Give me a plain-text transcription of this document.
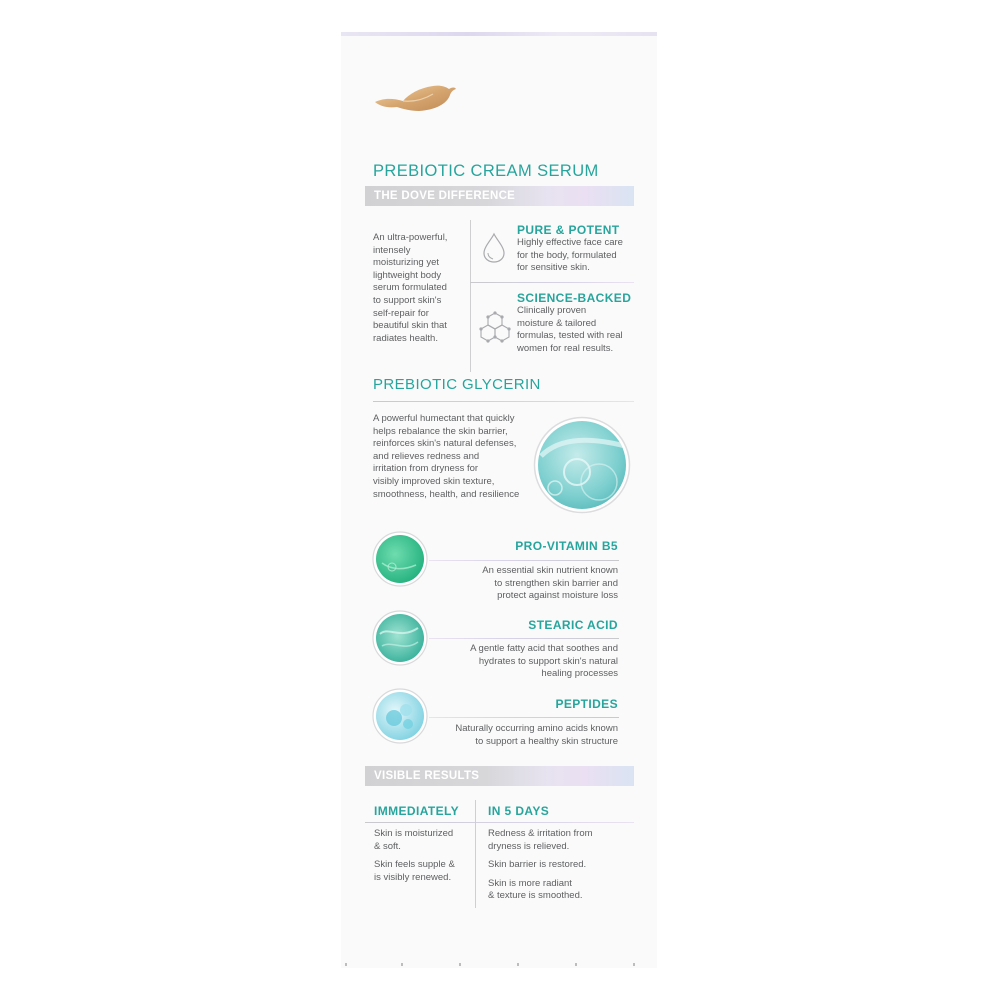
PREBIOTIC CREAM SERUM
THE DOVE DIFFERENCE
An ultra-powerful,
intensely
moisturizing yet
lightweight body
serum formulated
to support skin's
self-repair for
beautiful skin that
radiates health.
PURE & POTENT
Highly effective face care
for the body, formulated
for sensitive skin.
SCIENCE-BACKED
Clinically proven
moisture & tailored
formulas, tested with real
women for real results.
PREBIOTIC GLYCERIN
A powerful humectant that quickly
helps rebalance the skin barrier,
reinforces skin's natural defenses,
and relieves redness and
irritation from dryness for
visibly improved skin texture,
smoothness, health, and resilience
PRO-VITAMIN B5
An essential skin nutrient known
to strengthen skin barrier and
protect against moisture loss
STEARIC ACID
A gentle fatty acid that soothes and
hydrates to support skin's natural
healing processes
PEPTIDES
Naturally occurring amino acids known
to support a healthy skin structure
VISIBLE RESULTS
IMMEDIATELY IN 5 DAYS
Skin is moisturized
& soft.
Skin feels supple &
is visibly renewed.
Redness & irritation from
dryness is relieved.
Skin barrier is restored.
Skin is more radiant
& texture is smoothed.
